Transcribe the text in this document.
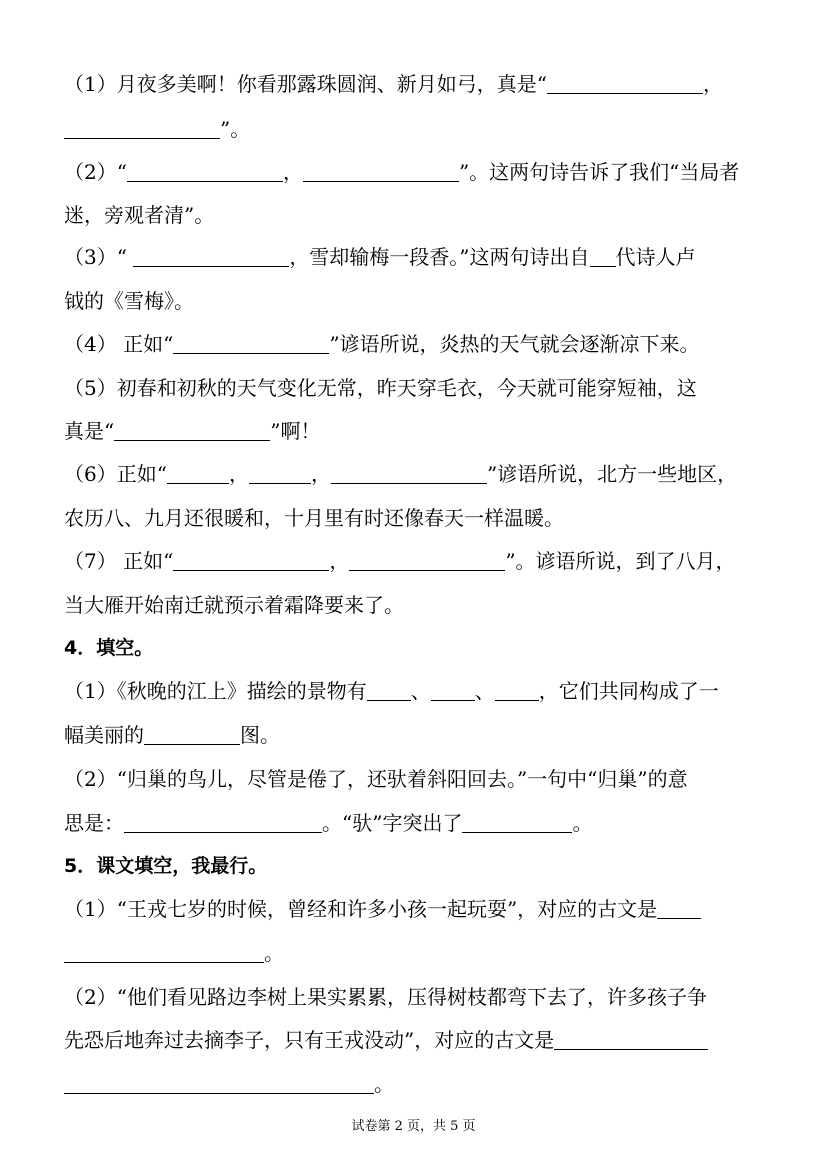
（1）月夜多美啊！你看那露珠圆润、新月如弓，真是“	，
”。
（2）“	，	”。这两句诗告诉了我们“当局者
迷，旁观者清”。
（3）“	，雪却输梅一段香。”这两句诗出自 代诗人卢
钺的《雪梅》。
（4） 正如“	”谚语所说，炎热的天气就会逐渐凉下来。
（5）初春和初秋的天气变化无常，昨天穿毛衣，今天就可能穿短袖，这
真是“	”啊！
（6）正如“	，	，	”谚语所说，北方一些地区，
农历八、九月还很暖和，十月里有时还像春天一样温暖。
（7） 正如“	，	”。谚语所说，到了八月，
当大雁开始南迁就预示着霜降要来了。
4．填空。
（1）《秋晚的江上》描绘的景物有 、 、 ，它们共同构成了一
幅美丽的	图。
（2）“归巢的鸟儿，尽管是倦了，还驮着斜阳回去。”一句中“归巢”的意
思是：	。“驮”字突出了	。
5．课文填空，我最行。
（1）“王戎七岁的时候，曾经和许多小孩一起玩耍”，对应的古文是
。
（2）“他们看见路边李树上果实累累，压得树枝都弯下去了，许多孩子争
先恐后地奔过去摘李子，只有王戎没动”，对应的古文是
。
试卷第 2 页，共 5 页
